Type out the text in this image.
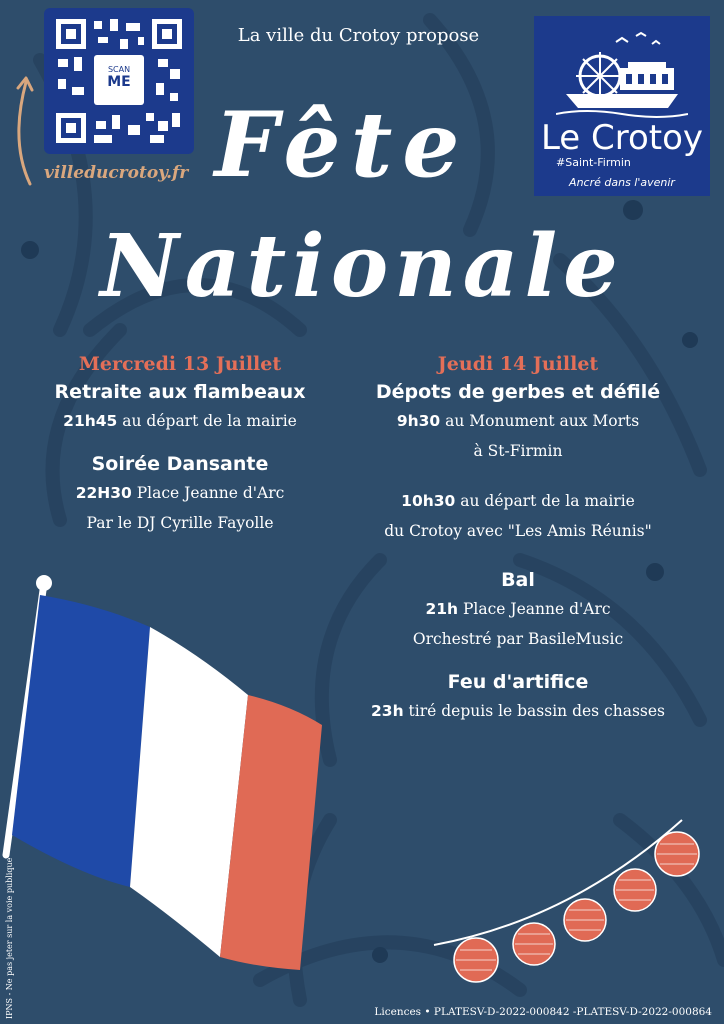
SCAN
ME
villeducrotoy.fr
La ville du Crotoy propose
Le Crotoy
#Saint-Firmin
Ancré dans l'avenir
Fête
Nationale
Mercredi 13 Juillet
Retraite aux flambeaux
21h45 au départ de la mairie
Soirée Dansante
22H30 Place Jeanne d'Arc
Par le DJ Cyrille Fayolle
Jeudi 14 Juillet
Dépots de gerbes et défilé
9h30 au Monument aux Morts
à St-Firmin
10h30 au départ de la mairie
du Crotoy avec "Les Amis Réunis"
Bal
21h Place Jeanne d'Arc
Orchestré par BasileMusic
Feu d'artifice
23h tiré depuis le bassin des chasses
IPNS - Ne pas jeter sur la voie publique	Licences • PLATESV-D-2022-000842 -PLATESV-D-2022-000864
